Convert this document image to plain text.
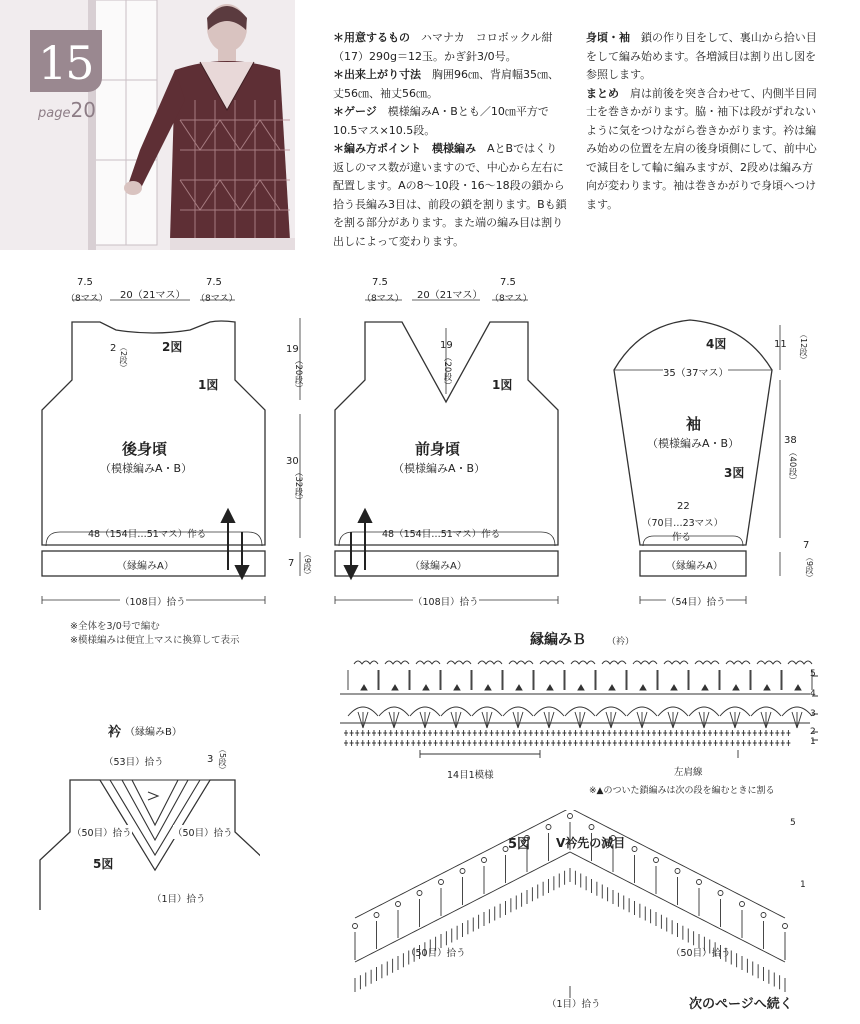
15
page20

＊用意するもの　 ハマナカ　コロボックル紺（17）290g＝12玉。かぎ針3/0号。

＊出来上がり寸法　 胸囲96㎝、背肩幅35㎝、丈56㎝、袖丈56㎝。

＊ゲージ　 模様編みA・Bとも／10㎝平方で10.5マス×10.5段。

＊編み方ポイント　 模様編み　 AとBではくり返しのマス数が違いますので、中心から左右に配置します。Aの8〜10段・16〜18段の鎖から拾う長編み3目は、前段の鎖を割ります。Bも鎖を割る部分があります。また端の編み目は割り出しによって変わります。

身頃・袖　 鎖の作り目をして、裏山から拾い目をして編み始めます。各増減目は割り出し図を参照します。

まとめ　 肩は前後を突き合わせて、内側半目同士を巻きかがります。脇・袖下は段がずれないように気をつけながら巻きかがります。衿は編み始めの位置を左肩の後身頃側にして、前中心で減目をして輪に編みますが、2段めは編み方向が変わります。袖は巻きかがりで身頃へつけます。

7.5
（8マス） 20（21マス）
7.5
（8マス）
2 （2段）	2図
1図
後身頃
（模様編みA・B）
48（154目…51マス）作る
（縁編みA）
（108目）拾う
19
（20段）
30
（32段）
7 （9段）
7.5
（8マス） 20（21マス）
7.5
（8マス）
19
（20段）	1図
前身頃
（模様編みA・B）
48（154目…51マス）作る
（縁編みA）
（108目）拾う
4図
35（37マス）
袖
（模様編みA・B）
3図
11 （12段）
38
（40段）
7
（9段）
22
（70目…23マス）
作る
（縁編みA）
（54目）拾う
※全体を3/0号で編む
※模様編みは便宜上マスに換算して表示
衿 （縁編みB）
（53目）拾う	3 （5段）
（50目）拾う	（50目）拾う
5図
（1目）拾う
縁編みＢ （衿）
5
4
3
2
1
14目1模様	左肩線
※▲のついた鎖編みは次の段を編むときに割る
5図 V衿先の減目
5
1
（50目）拾う	（50目）拾う
（1目）拾う	次のページへ続く
